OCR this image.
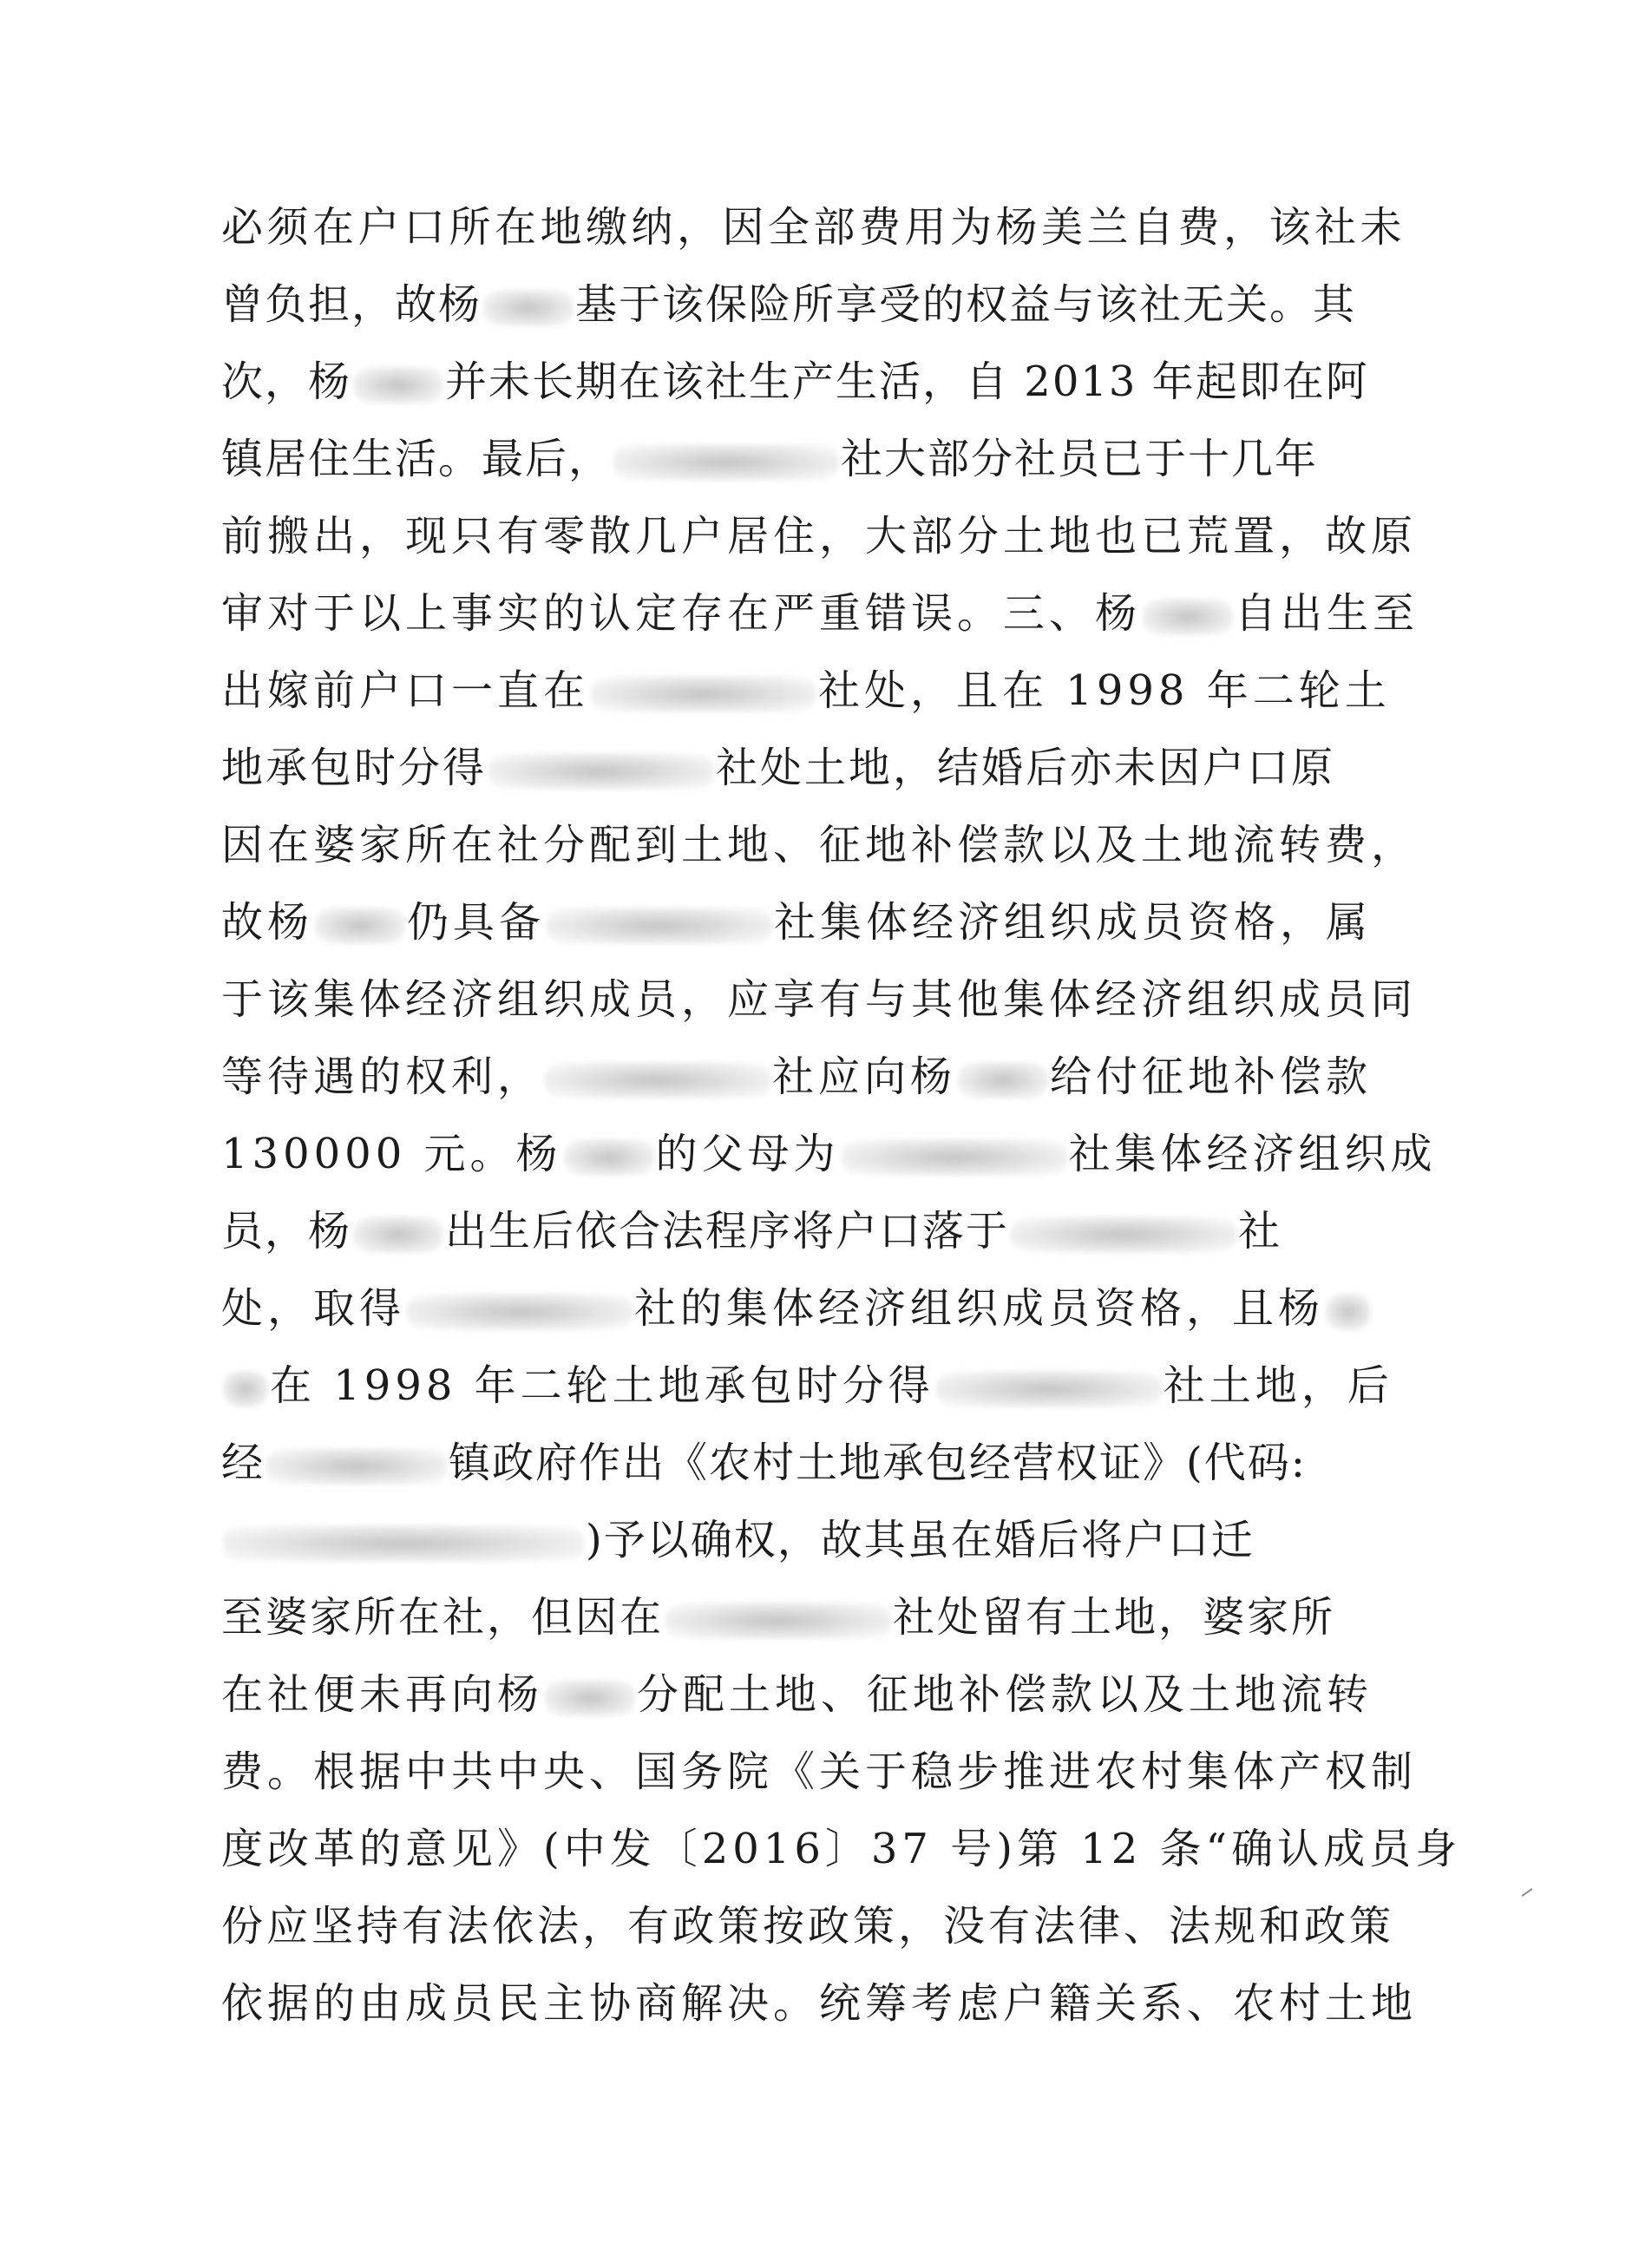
必须在户口所在地缴纳，因全部费用为杨美兰自费，该社未
曾负担，故杨 基于该保险所享受的权益与该社无关。其
次，杨 并未长期在该社生产生活，自 2013 年起即在阿
镇居住生活。最后，	社大部分社员已于十几年
前搬出，现只有零散几户居住，大部分土地也已荒置，故原
审对于以上事实的认定存在严重错误。三、杨 自出生至
出嫁前户口一直在	社处，且在 1998 年二轮土
地承包时分得	社处土地，结婚后亦未因户口原
因在婆家所在社分配到土地、征地补偿款以及土地流转费，
故杨 仍具备	社集体经济组织成员资格，属
于该集体经济组织成员，应享有与其他集体经济组织成员同
等待遇的权利，	社应向杨 给付征地补偿款
130000 元。杨 的父母为	社集体经济组织成
员，杨 出生后依合法程序将户口落于	社
处，取得	社的集体经济组织成员资格，且杨
在 1998 年二轮土地承包时分得	社土地，后
经	镇政府作出《农村土地承包经营权证》(代码:
)予以确权，故其虽在婚后将户口迁
至婆家所在社，但因在	社处留有土地，婆家所
在社便未再向杨 分配土地、征地补偿款以及土地流转
费。根据中共中央、国务院《关于稳步推进农村集体产权制
度改革的意见》(中发〔2016〕37 号)第 12 条“确认成员身
份应坚持有法依法，有政策按政策，没有法律、法规和政策
依据的由成员民主协商解决。统筹考虑户籍关系、农村土地
